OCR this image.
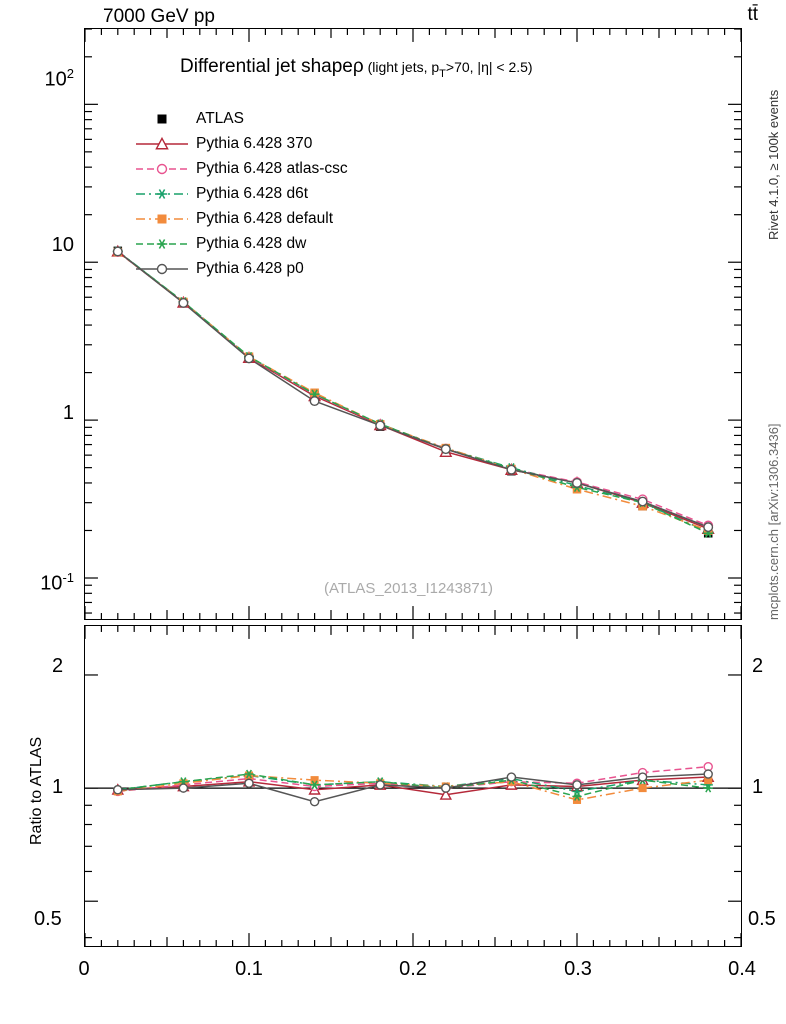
7000 GeV pp	tt̄
Rivet 4.1.0, ≥ 100k events
mcplots.cern.ch [arXiv:1306.3436]
Differential jet shapeρ (light jets, $p_T>70$, |η| < 2.5)
ATLAS
Pythia 6.428 370
Pythia 6.428 atlas-csc
Pythia 6.428 d6t
Pythia 6.428 default
Pythia 6.428 dw
Pythia 6.428 p0
(ATLAS_2013_I1243871)
$10^2$
10
1
$10^{-1}$
Ratio to ATLAS
2
1
0.5
2
1
0.5
0	0.1	0.2	0.3	0.4
